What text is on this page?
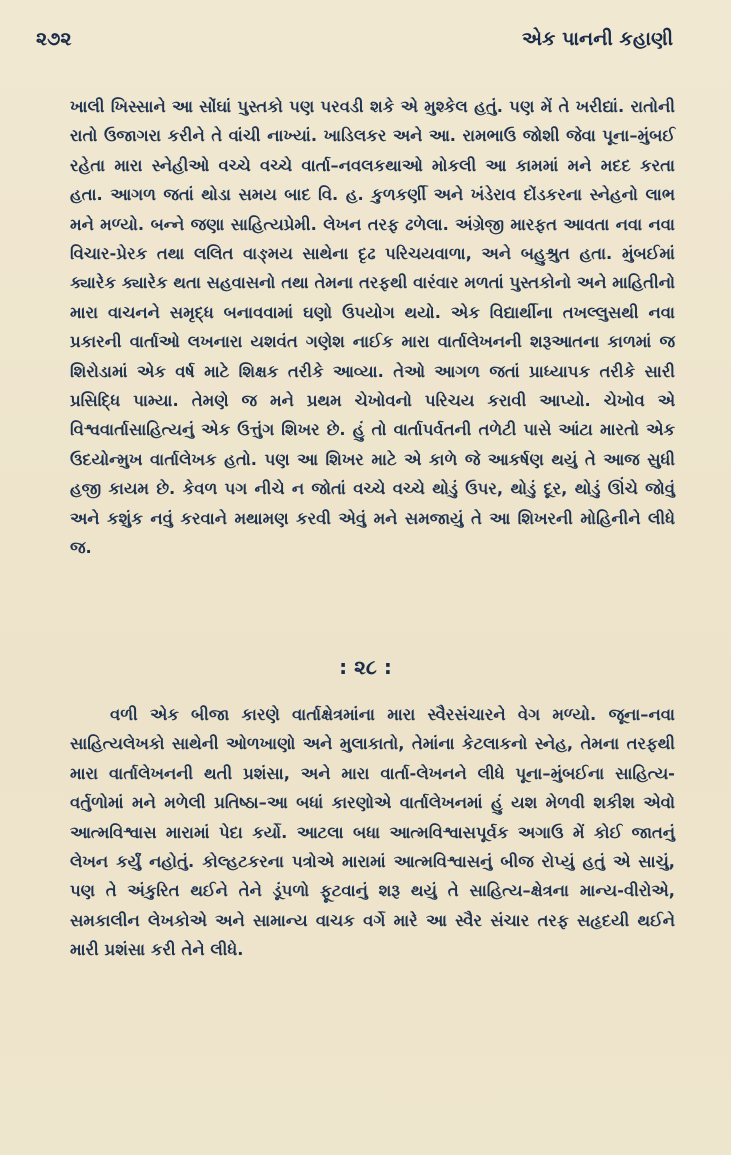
૨૭૨	એક પાનની કહાણી

ખાલી ખિસ્સાને આ સોંઘાં પુસ્તકો પણ પરવડી શકે એ મુશ્કેલ હતું. પણ મેં તે ખરીદ્યાં. રાતોની રાતો ઉજાગરા કરીને તે વાંચી નાખ્યાં. ખાડિલકર અને આ. રામભાઉ જોશી જેવા પૂના–મુંબઈ રહેતા મારા સ્નેહીઓ વચ્ચે વચ્ચે વાર્તા–નવલકથાઓ મોકલી આ કામમાં મને મદદ કરતા હતા. આગળ જતાં થોડા સમય બાદ વિ. હ. કુળકર્ણી અને ખંડેરાવ દોંડકરના સ્નેહનો લાભ મને મળ્યો. બન્ને જણા સાહિત્યપ્રેમી. લેખન તરફ ઢળેલા. અંગ્રેજી મારફત આવતા નવા નવા વિચાર-પ્રેરક તથા લલિત વાઙ્મય સાથેના દૃઢ પરિચયવાળા, અને બહુશ્રુત હતા. મુંબઈમાં ક્યારેક ક્યારેક થતા સહવાસનો તથા તેમના તરફથી વારંવાર મળતાં પુસ્તકોનો અને માહિતીનો મારા વાચનને સમૃદ્ધ બનાવવામાં ઘણો ઉપયોગ થયો. એક વિદ્યાર્થીના તખલ્લુસથી નવા પ્રકારની વાર્તાઓ લખનારા યશવંત ગણેશ નાઈક મારા વાર્તાલેખનની શરૂઆતના કાળમાં જ શિરોડામાં એક વર્ષ માટે શિક્ષક તરીકે આવ્યા. તેઓ આગળ જતાં પ્રાધ્યાપક તરીકે સારી પ્રસિદ્ધિ પામ્યા. તેમણે જ મને પ્રથમ ચેખોવનો પરિચય કરાવી આપ્યો. ચેખોવ એ વિશ્વવાર્તાસાહિત્યનું એક ઉત્તુંગ શિખર છે. હું તો વાર્તાપર્વતની તળેટી પાસે આંટા મારતો એક ઉદયોન્મુખ વાર્તાલેખક હતો. પણ આ શિખર માટે એ કાળે જે આકર્ષણ થયું તે આજ સુધી હજી કાયમ છે. કેવળ પગ નીચે ન જોતાં વચ્ચે વચ્ચે થોડું ઉપર, થોડું દૂર, થોડું ઊંચે જોવું અને કશુંક નવું કરવાને મથામણ કરવી એવું મને સમજાયું તે આ શિખરની મોહિનીને લીધે જ.

: ૨૮ :

વળી એક બીજા કારણે વાર્તાક્ષેત્રમાંના મારા સ્વૈરસંચારને વેગ મળ્યો. જૂના–નવા સાહિત્યલેખકો સાથેની ઓળખાણો અને મુલાકાતો, તેમાંના કેટલાકનો સ્નેહ, તેમના તરફથી મારા વાર્તાલેખનની થતી પ્રશંસા, અને મારા વાર્તા-લેખનને લીધે પૂના–મુંબઈના સાહિત્ય-વર્તુળોમાં મને મળેલી પ્રતિષ્ઠા–આ બધાં કારણોએ વાર્તાલેખનમાં હું યશ મેળવી શકીશ એવો આત્મવિશ્વાસ મારામાં પેદા કર્યો. આટલા બધા આત્મવિશ્વાસપૂર્વક અગાઉ મેં કોઈ જાતનું લેખન કર્યું નહોતું. કોલ્હટકરના પત્રોએ મારામાં આત્મવિશ્વાસનું બીજ રોપ્યું હતું એ સાચું, પણ તે અંકુરિત થઈને તેને ડૂંપળો ફૂટવાનું શરૂ થયું તે સાહિત્ય–ક્ષેત્રના માન્ય-વીરોએ, સમકાલીન લેખકોએ અને સામાન્ય વાચક વર્ગે મારે આ સ્વૈર સંચાર તરફ સહૃદયી થઈને મારી પ્રશંસા કરી તેને લીધે.
